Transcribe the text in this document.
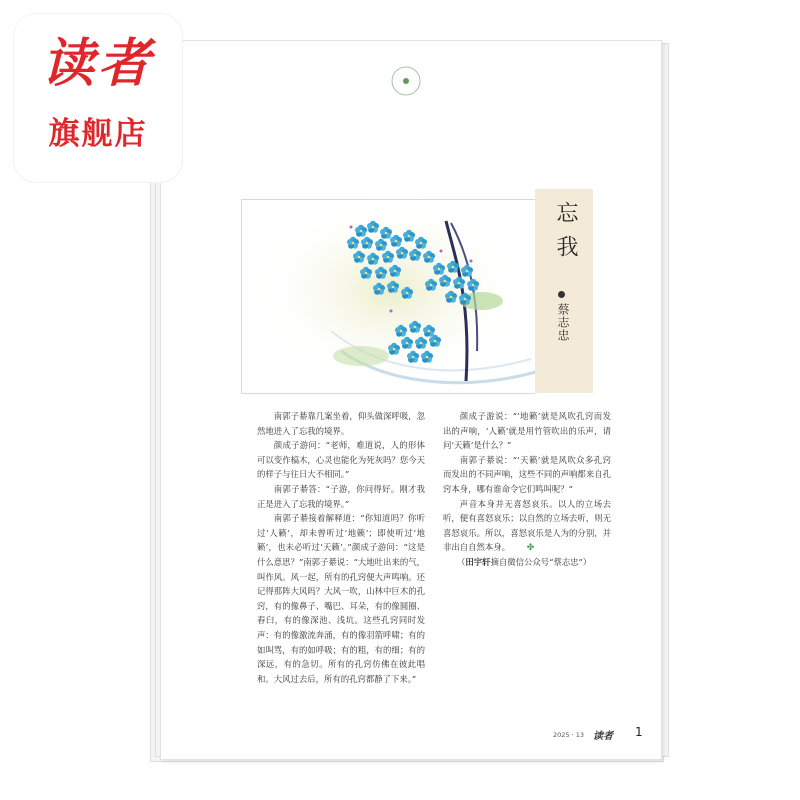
读者
旗舰店
忘我
蔡志忠

南郭子綦靠几案坐着，仰头做深呼吸，忽然地进入了忘我的境界。

颜成子游问：“老师，难道说，人的形体可以变作槁木，心灵也能化为死灰吗？您今天的样子与往日大不相同。”

南郭子綦答：“子游，你问得好。刚才我正是进入了忘我的境界。”

南郭子綦接着解释道：“你知道吗？你听过‘人籁’，却未曾听过‘地籁’；即使听过‘地籁’，也未必听过‘天籁’。”颜成子游问：“这是什么意思？”南郭子綦说：“大地吐出来的气，叫作风。风一起，所有的孔窍便大声鸣响。还记得那阵大风吗？大风一吹，山林中巨木的孔窍，有的像鼻子、嘴巴、耳朵，有的像圆圈、舂臼，有的像深池、浅坑。这些孔窍同时发声：有的像激流奔涌，有的像羽箭呼啸；有的如叫骂，有的如呼吸；有的粗，有的细；有的深远，有的急切。所有的孔窍仿佛在彼此唱和。大风过去后，所有的孔窍都静了下来。”

颜成子游说：“‘地籁’就是风吹孔窍而发出的声响，‘人籁’就是用竹管吹出的乐声，请问‘天籁’是什么？”

南郭子綦说：“‘天籁’就是风吹众多孔窍而发出的不同声响，这些不同的声响都来自孔窍本身，哪有谁命令它们鸣叫呢？”

声音本身并无喜怒哀乐。以人的立场去听，便有喜怒哀乐；以自然的立场去听，则无喜怒哀乐。所以，喜怒哀乐是人为的分别，并非出自自然本身。 ✤

（田宇轩摘自微信公众号“蔡志忠”）

2025 · 13 读者 1
